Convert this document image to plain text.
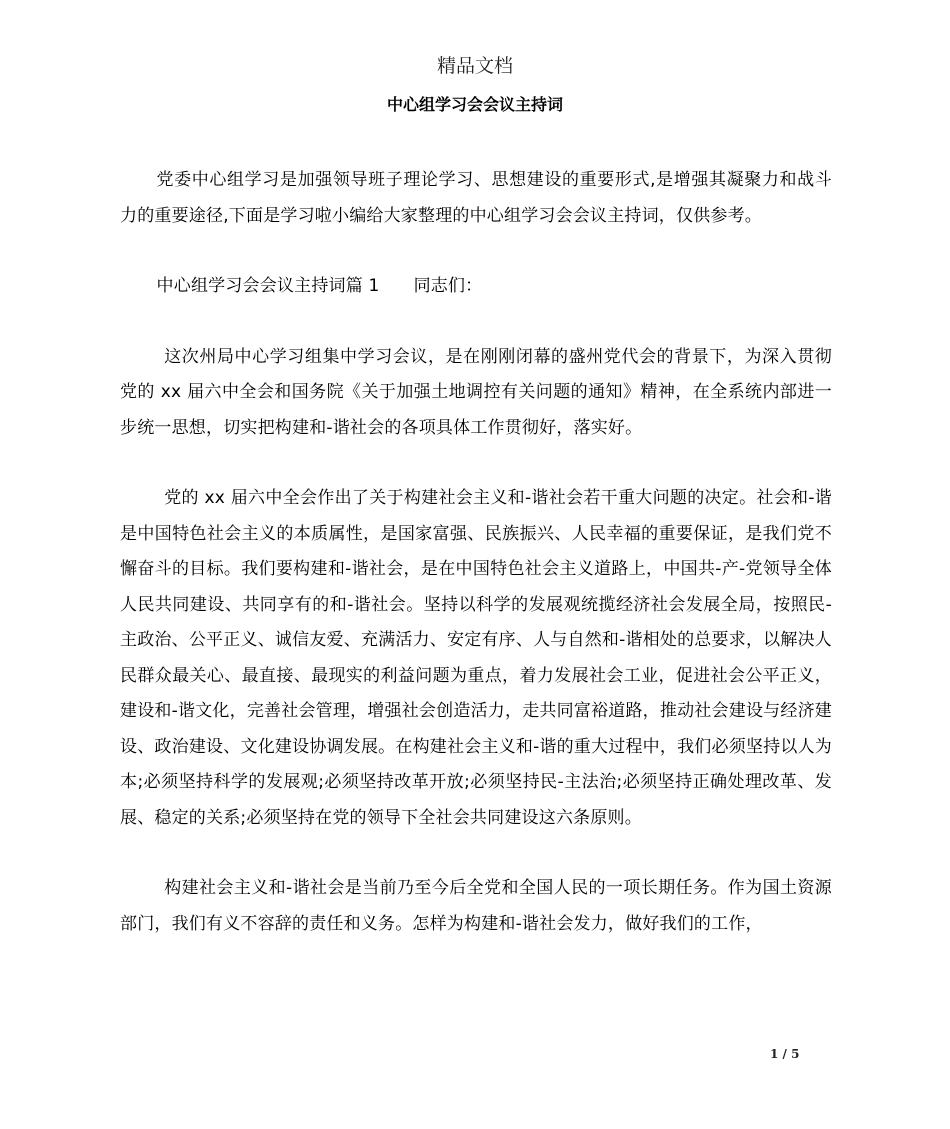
精品文档
中心组学习会会议主持词

党委中心组学习是加强领导班子理论学习、思想建设的重要形式,是增强其凝聚力和战斗力的重要途径,下面是学习啦小编给大家整理的中心组学习会会议主持词，仅供参考。

中心组学习会会议主持词篇 1 同志们：

这次州局中心学习组集中学习会议，是在刚刚闭幕的盛州党代会的背景下，为深入贯彻党的 xx 届六中全会和国务院《关于加强土地调控有关问题的通知》精神，在全系统内部进一步统一思想，切实把构建和-谐社会的各项具体工作贯彻好，落实好。

党的 xx 届六中全会作出了关于构建社会主义和-谐社会若干重大问题的决定。社会和-谐是中国特色社会主义的本质属性，是国家富强、民族振兴、人民幸福的重要保证，是我们党不懈奋斗的目标。我们要构建和-谐社会，是在中国特色社会主义道路上，中国共-产-党领导全体人民共同建设、共同享有的和-谐社会。坚持以科学的发展观统揽经济社会发展全局，按照民-主政治、公平正义、诚信友爱、充满活力、安定有序、人与自然和-谐相处的总要求，以解决人民群众最关心、最直接、最现实的利益问题为重点，着力发展社会工业，促进社会公平正义，建设和-谐文化，完善社会管理，增强社会创造活力，走共同富裕道路，推动社会建设与经济建设、政治建设、文化建设协调发展。在构建社会主义和-谐的重大过程中，我们必须坚持以人为本;必须坚持科学的发展观;必须坚持改革开放;必须坚持民-主法治;必须坚持正确处理改革、发展、稳定的关系;必须坚持在党的领导下全社会共同建设这六条原则。

构建社会主义和-谐社会是当前乃至今后全党和全国人民的一项长期任务。作为国土资源部门，我们有义不容辞的责任和义务。怎样为构建和-谐社会发力，做好我们的工作，

1 / 5
